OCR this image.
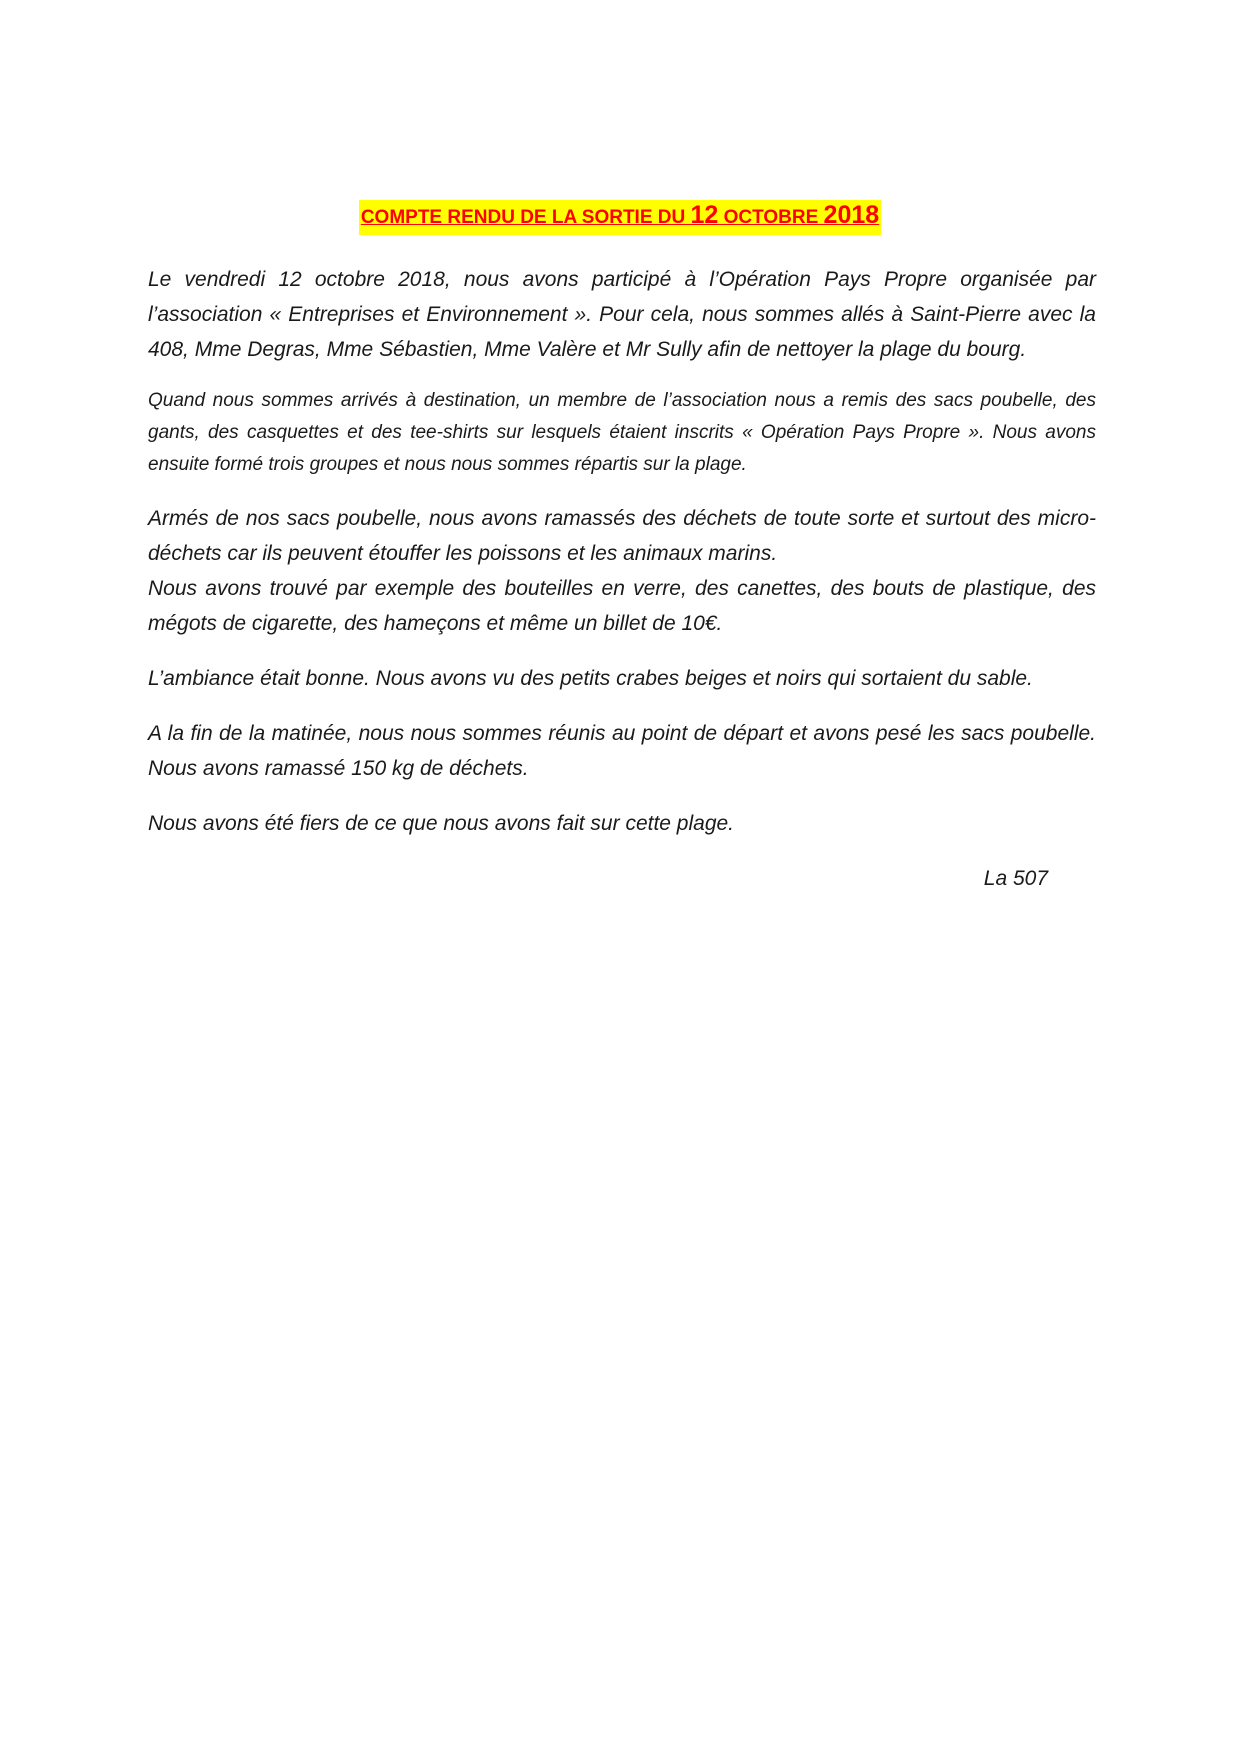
COMPTE RENDU DE LA SORTIE DU 12 OCTOBRE 2018

Le vendredi 12 octobre 2018, nous avons participé à l’Opération Pays Propre organisée par l’association « Entreprises et Environnement ». Pour cela, nous sommes allés à Saint-Pierre avec la 408, Mme Degras, Mme Sébastien, Mme Valère et Mr Sully afin de nettoyer la plage du bourg.

Quand nous sommes arrivés à destination, un membre de l’association nous a remis des sacs poubelle, des gants, des casquettes et des tee-shirts sur lesquels étaient inscrits « Opération Pays Propre ». Nous avons ensuite formé trois groupes et nous nous sommes répartis sur la plage.

Armés de nos sacs poubelle, nous avons ramassés des déchets de toute sorte et surtout des micro-déchets car ils peuvent étouffer les poissons et les animaux marins.

Nous avons trouvé par exemple des bouteilles en verre, des canettes, des bouts de plastique, des mégots de cigarette, des hameçons et même un billet de 10€.

L’ambiance était bonne. Nous avons vu des petits crabes beiges et noirs qui sortaient du sable.

A la fin de la matinée, nous nous sommes réunis au point de départ et avons pesé les sacs poubelle. Nous avons ramassé 150 kg de déchets.

Nous avons été fiers de ce que nous avons fait sur cette plage.

La 507
